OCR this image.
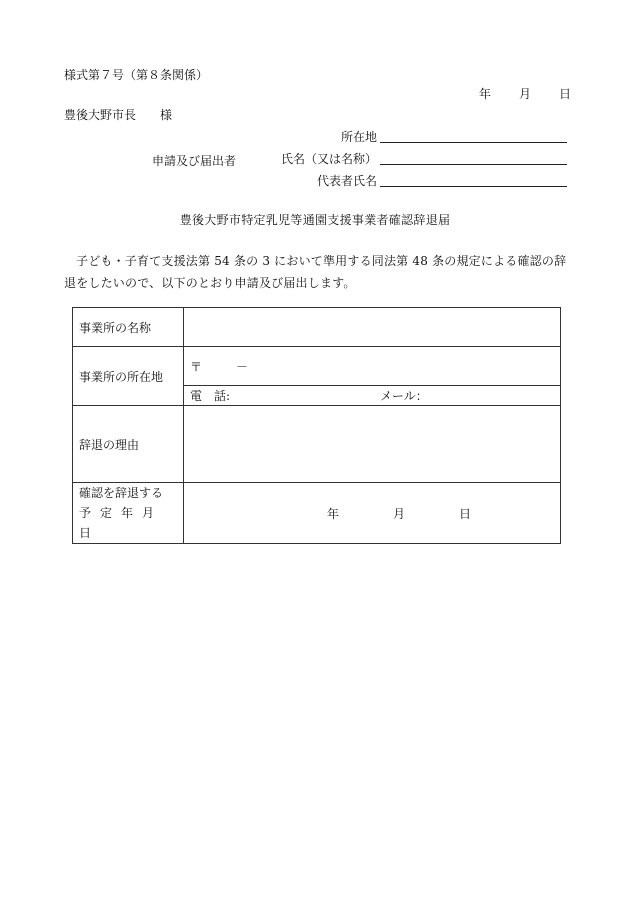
様式第７号（第８条関係）
年 月 日
豊後大野市長　　様
申請及び届出者
所在地
氏名（又は名称）
代表者氏名
豊後大野市特定乳児等通園支援事業者確認辞退届
子ども・子育て支援法第 54 条の 3 において準用する同法第 48 条の規定による確認の辞退をしたいので、以下のとおり申請及び届出します。
事業所の名称	
事業所の所在地	〒 －
	電　話: メール：
辞退の理由	

確認を辞退する
予定年月日	年 月 日
